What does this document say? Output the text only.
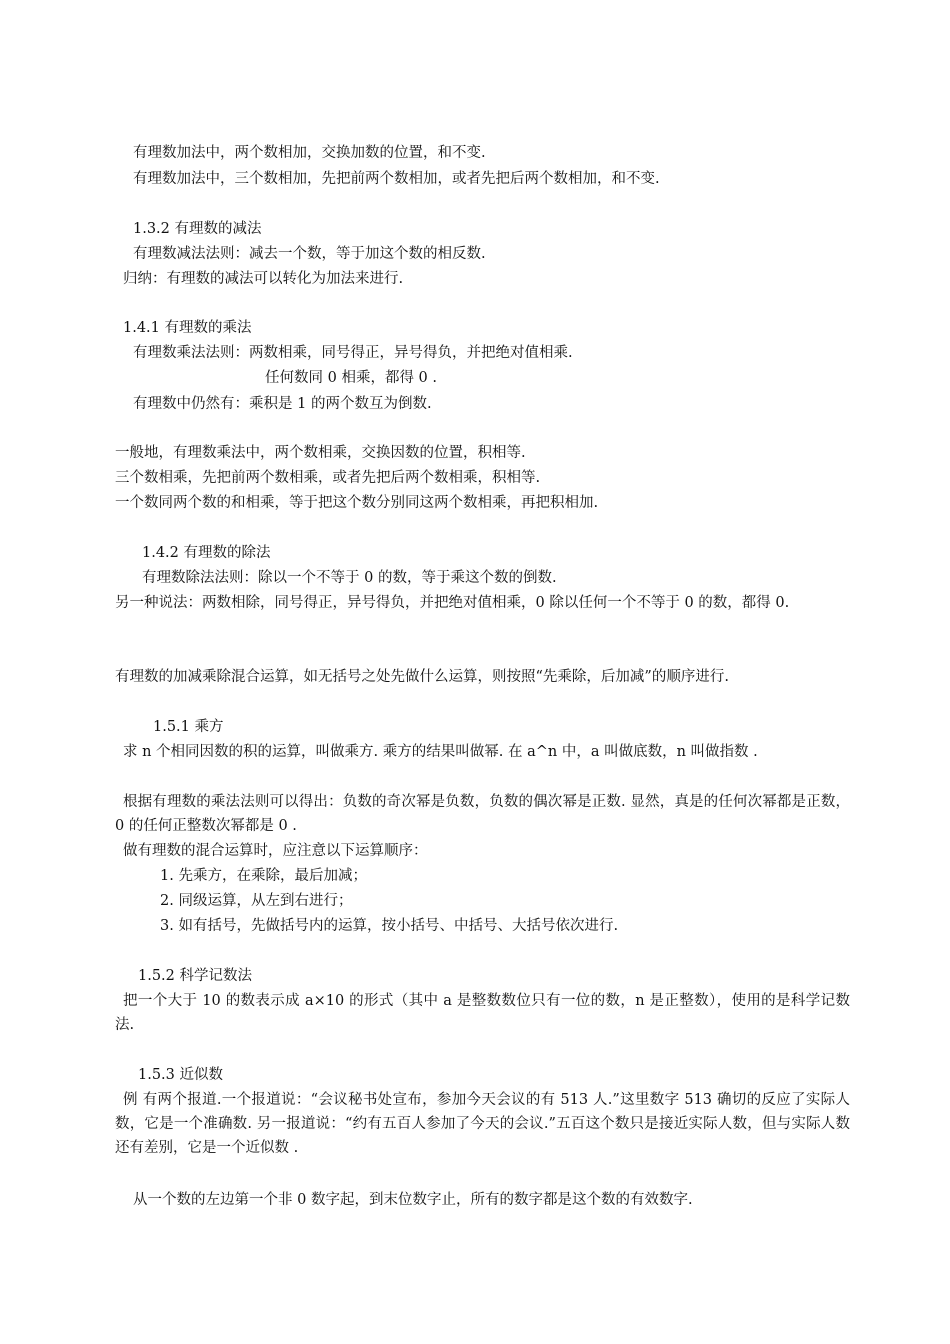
有理数加法中，两个数相加，交换加数的位置，和不变.
有理数加法中，三个数相加，先把前两个数相加，或者先把后两个数相加，和不变.
1.3.2 有理数的减法
有理数减法法则：减去一个数，等于加这个数的相反数.
归纳：有理数的减法可以转化为加法来进行.
1.4.1 有理数的乘法
有理数乘法法则：两数相乘，同号得正，异号得负，并把绝对值相乘.
任何数同 0 相乘，都得 0 .
有理数中仍然有：乘积是 1 的两个数互为倒数.
一般地，有理数乘法中，两个数相乘，交换因数的位置，积相等.
三个数相乘，先把前两个数相乘，或者先把后两个数相乘，积相等.
一个数同两个数的和相乘，等于把这个数分别同这两个数相乘，再把积相加.
1.4.2 有理数的除法
有理数除法法则：除以一个不等于 0 的数，等于乘这个数的倒数.
另一种说法：两数相除，同号得正，异号得负，并把绝对值相乘，0 除以任何一个不等于 0 的数，都得 0.
有理数的加减乘除混合运算，如无括号之处先做什么运算，则按照“先乘除，后加减”的顺序进行.
1.5.1 乘方
求 n 个相同因数的积的运算，叫做乘方. 乘方的结果叫做幂. 在 a^n 中，a 叫做底数，n 叫做指数 .
根据有理数的乘法法则可以得出：负数的奇次幂是负数，负数的偶次幂是正数. 显然，真是的任何次幂都是正数，0 的任何正整数次幂都是 0 .
做有理数的混合运算时，应注意以下运算顺序：
1. 先乘方，在乘除，最后加减；
2. 同级运算，从左到右进行；
3. 如有括号，先做括号内的运算，按小括号、中括号、大括号依次进行.
1.5.2 科学记数法
把一个大于 10 的数表示成 a×10 的形式（其中 a 是整数数位只有一位的数，n 是正整数），使用的是科学记数法.
1.5.3 近似数
例 有两个报道.一个报道说：“会议秘书处宣布，参加今天会议的有 513 人.”这里数字 513 确切的反应了实际人数，它是一个准确数. 另一报道说：“约有五百人参加了今天的会议.”五百这个数只是接近实际人数，但与实际人数还有差别，它是一个近似数 .
从一个数的左边第一个非 0 数字起，到末位数字止，所有的数字都是这个数的有效数字.
